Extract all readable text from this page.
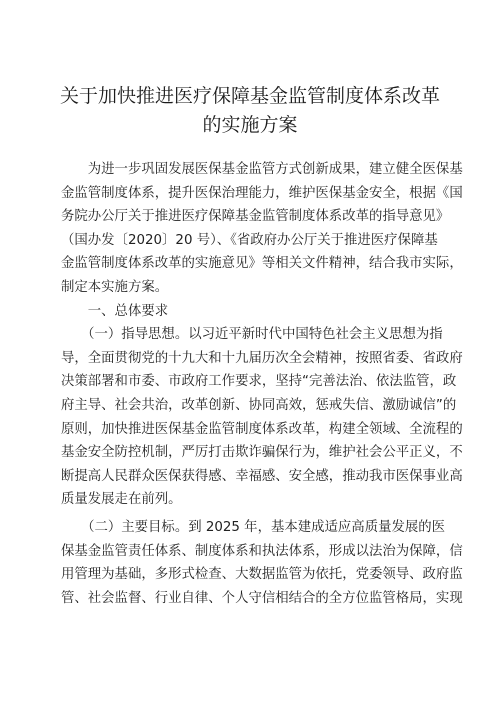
关于加快推进医疗保障基金监管制度体系改革
的实施方案
　　为进一步巩固发展医保基金监管方式创新成果，建立健全医保基
金监管制度体系，提升医保治理能力，维护医保基金安全，根据《国
务院办公厅关于推进医疗保障基金监管制度体系改革的指导意见》
（国办发〔2020〕20 号）、《省政府办公厅关于推进医疗保障基
金监管制度体系改革的实施意见》等相关文件精神，结合我市实际，
制定本实施方案。
　　一、总体要求
　　（一）指导思想。以习近平新时代中国特色社会主义思想为指
导，全面贯彻党的十九大和十九届历次全会精神，按照省委、省政府
决策部署和市委、市政府工作要求，坚持“完善法治、依法监管，政
府主导、社会共治，改革创新、协同高效，惩戒失信、激励诚信”的
原则，加快推进医保基金监管制度体系改革，构建全领域、全流程的
基金安全防控机制，严厉打击欺诈骗保行为，维护社会公平正义，不
断提高人民群众医保获得感、幸福感、安全感，推动我市医保事业高
质量发展走在前列。
　　（二）主要目标。到 2025 年，基本建成适应高质量发展的医
保基金监管责任体系、制度体系和执法体系，形成以法治为保障，信
用管理为基础，多形式检查、大数据监管为依托，党委领导、政府监
管、社会监督、行业自律、个人守信相结合的全方位监管格局，实现
